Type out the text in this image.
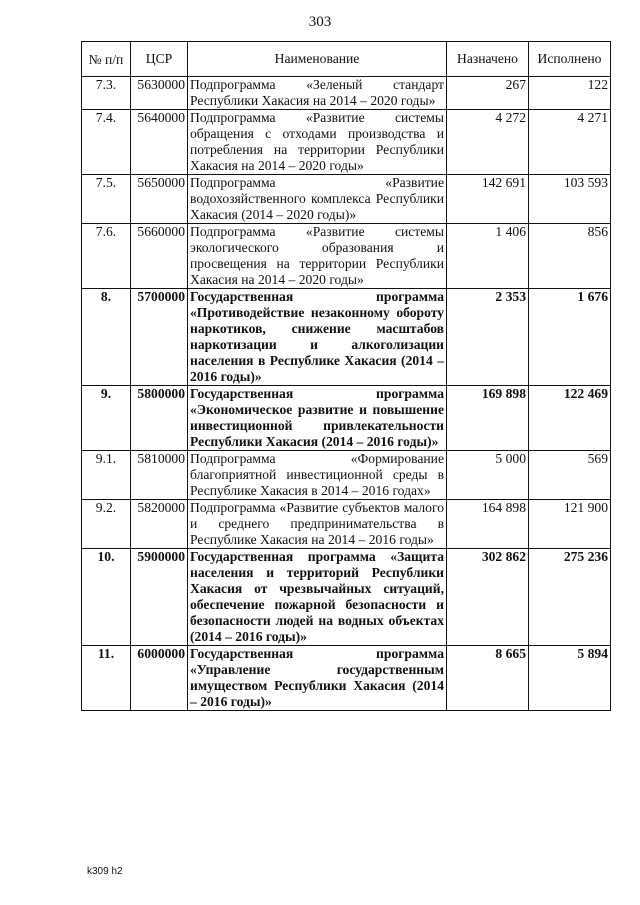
303
№ п/п	ЦСР	Наименование	Назначено	Исполнено
7.3.	5630000	Подпрограмма «Зеленый стандарт Республики Хакасия на 2014 – 2020 годы»	267	122
7.4.	5640000	Подпрограмма «Развитие системы обращения с отходами производства и потребления на территории Республики Хакасия на 2014 – 2020 годы»	4 272	4 271
7.5.	5650000	Подпрограмма «Развитие водохозяйственного комплекса Республики Хакасия (2014 – 2020 годы)»	142 691	103 593
7.6.	5660000	Подпрограмма «Развитие системы экологического образования и просвещения на территории Республики Хакасия на 2014 – 2020 годы»	1 406	856
8.	5700000	Государственная программа «Противодействие незаконному обороту наркотиков, снижение масштабов наркотизации и алкоголизации населения в Республике Хакасия (2014 – 2016 годы)»	2 353	1 676
9.	5800000	Государственная программа «Экономическое развитие и повышение инвестиционной привлекательности Республики Хакасия (2014 – 2016 годы)»	169 898	122 469
9.1.	5810000	Подпрограмма «Формирование благоприятной инвестиционной среды в Республике Хакасия в 2014 – 2016 годах»	5 000	569
9.2.	5820000	Подпрограмма «Развитие субъектов малого и среднего предпринимательства в Республике Хакасия на 2014 – 2016 годы»	164 898	121 900
10.	5900000	Государственная программа «Защита населения и территорий Республики Хакасия от чрезвычайных ситуаций, обеспечение пожарной безопасности и безопасности людей на водных объектах (2014 – 2016 годы)»	302 862	275 236
11.	6000000	Государственная программа «Управление государственным имуществом Республики Хакасия (2014 – 2016 годы)»	8 665	5 894
k309 h2
